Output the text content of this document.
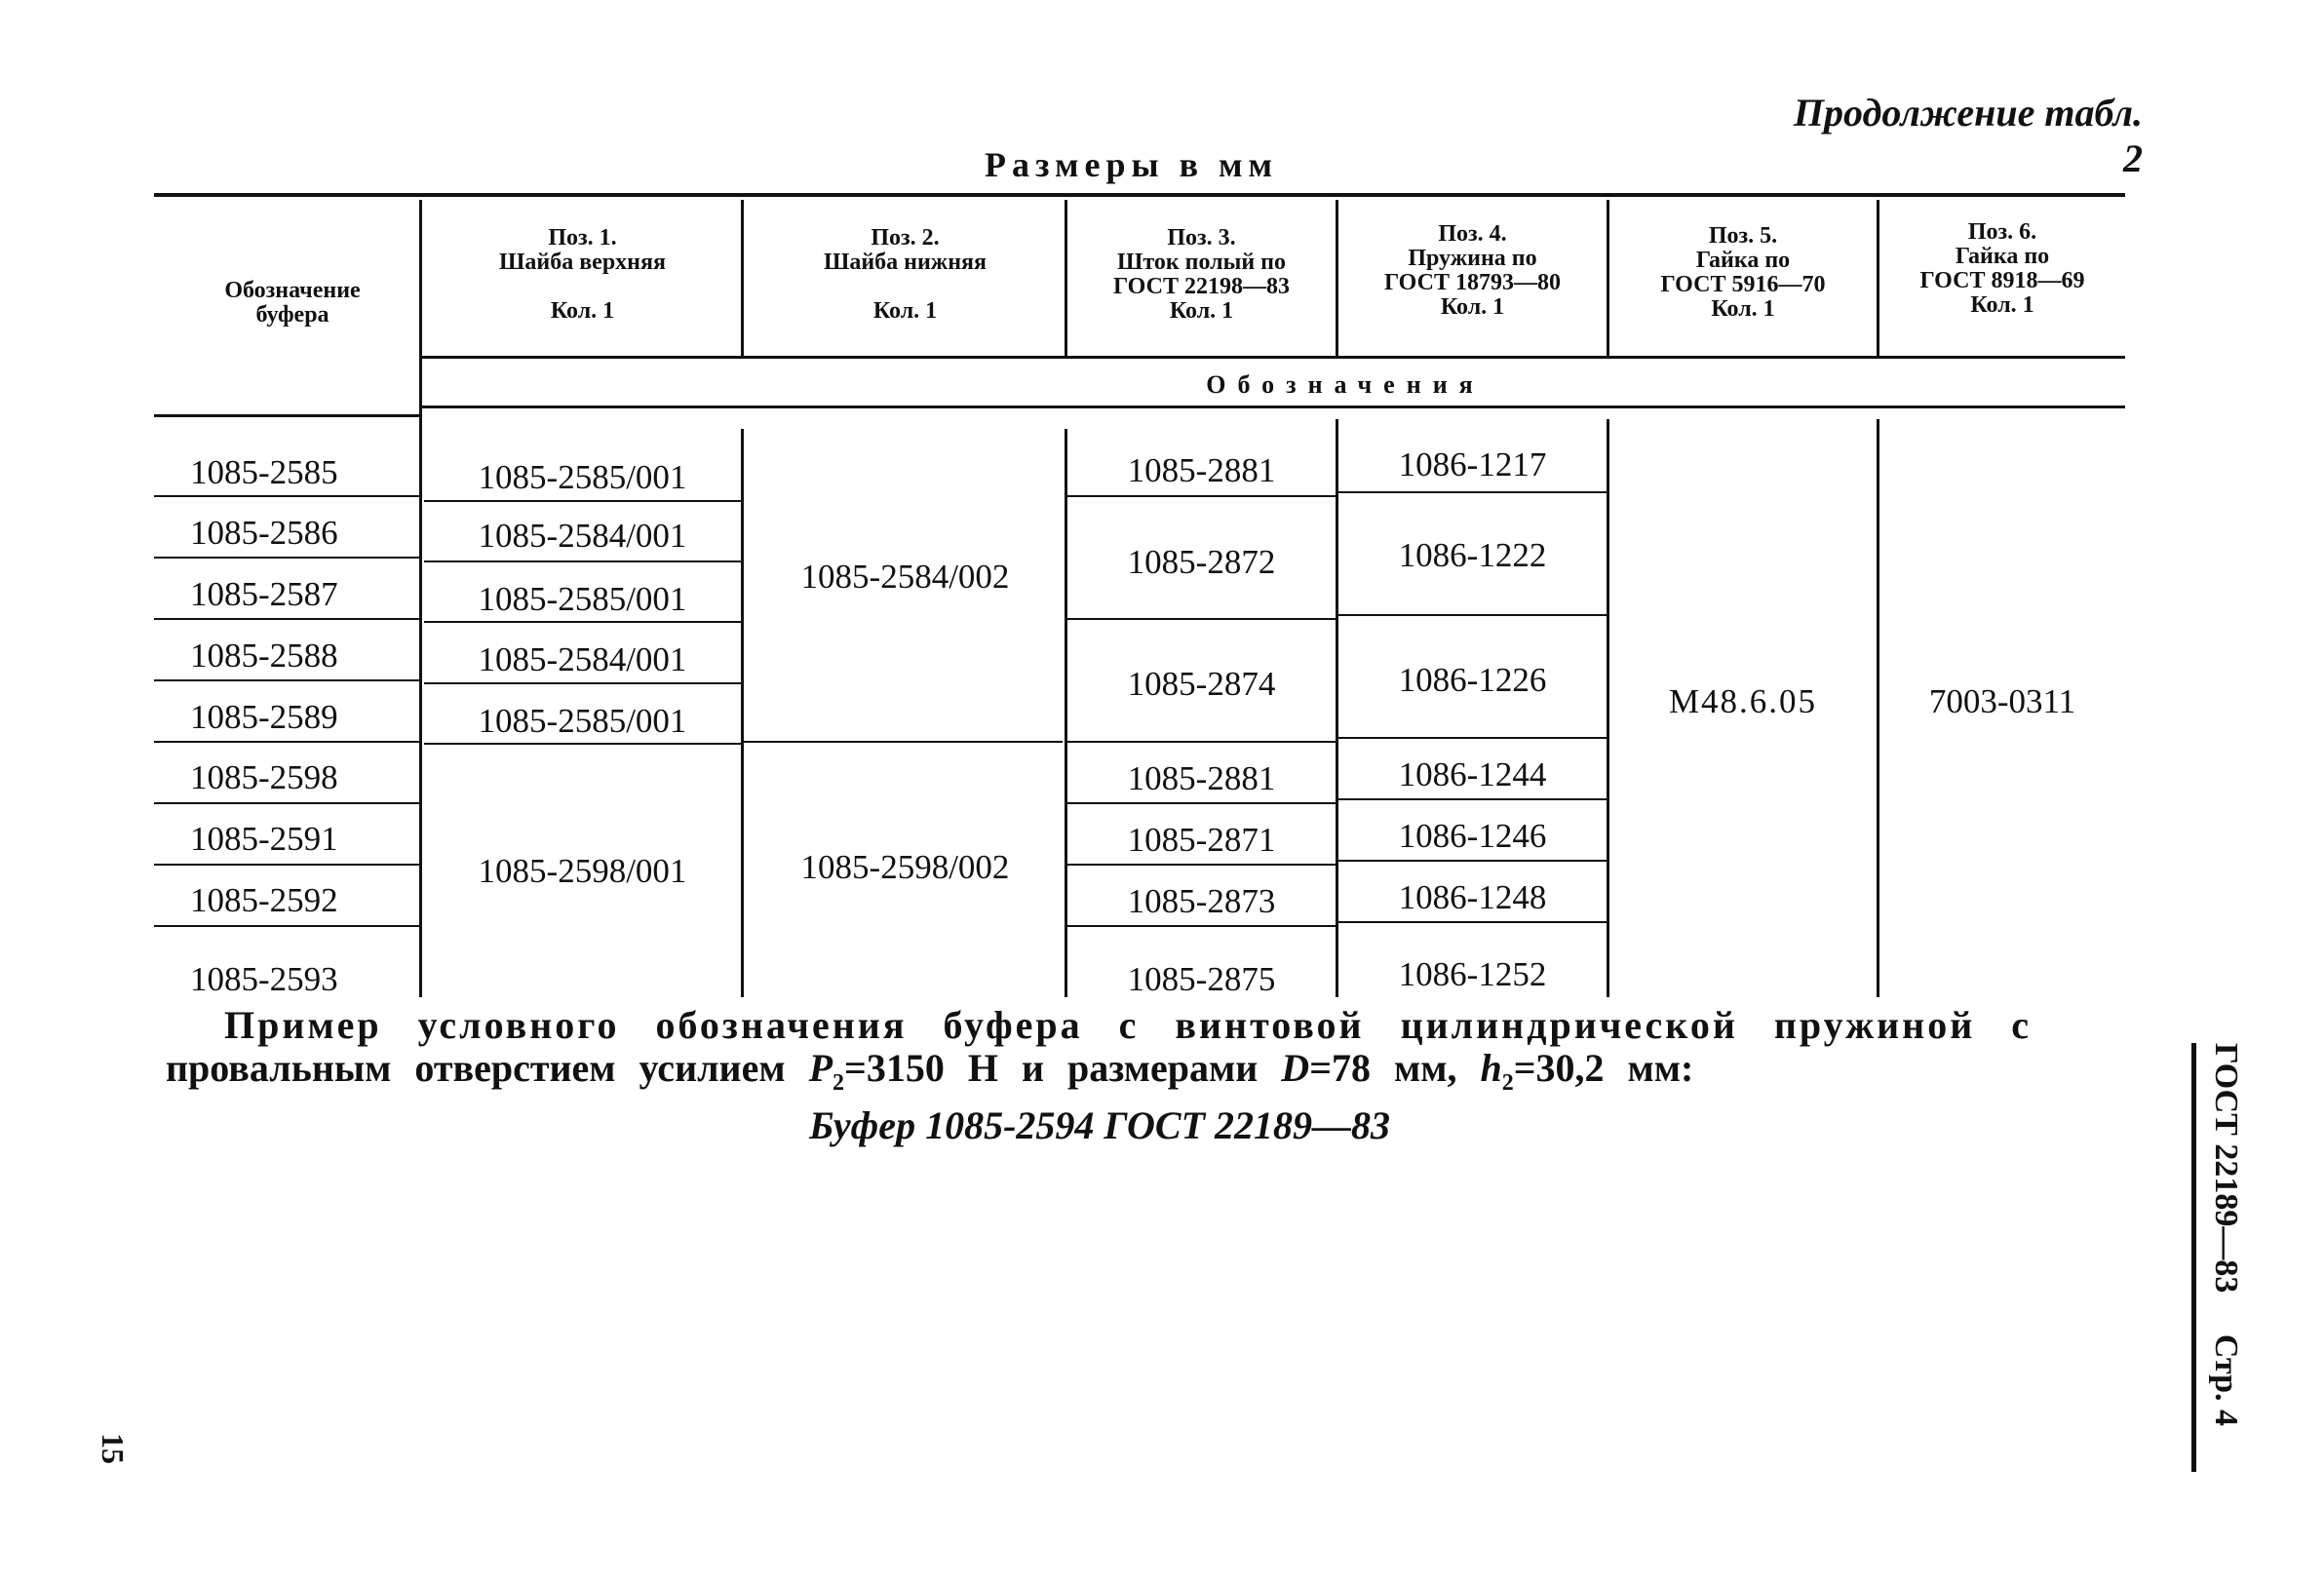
Продолжение табл. 2
Размеры в мм
Обозначение
буфера
Поз. 1.
Шайба верхняя
Кол. 1
Поз. 2.
Шайба нижняя
Кол. 1
Поз. 3.
Шток полый по
ГОСТ 22198—83
Кол. 1
Поз. 4.
Пружина по
ГОСТ 18793—80
Кол. 1
Поз. 5.
Гайка по
ГОСТ 5916—70
Кол. 1
Поз. 6.
Гайка по
ГОСТ 8918—69
Кол. 1
Обозначения
1085-2585
1085-2586
1085-2587
1085-2588
1085-2589
1085-2598
1085-2591
1085-2592
1085-2593
1085-2585/001
1085-2584/001
1085-2585/001
1085-2584/001
1085-2585/001
1085-2598/001
1085-2584/002
1085-2598/002
1085-2881
1085-2872
1085-2874
1085-2881
1085-2871
1085-2873
1085-2875
1086-1217
1086-1222
1086-1226
1086-1244
1086-1246
1086-1248
1086-1252
M48.6.05	7003-0311
Пример условного обозначения буфера с винтовой цилиндрической пружиной с
провальным отверстием усилием $P_2=3150$ Н и размерами D=78 мм, $h_2=30,2$ мм:
Буфер 1085-2594 ГОСТ 22189—83	ГОСТ 22189—83 Стр. 4
15
